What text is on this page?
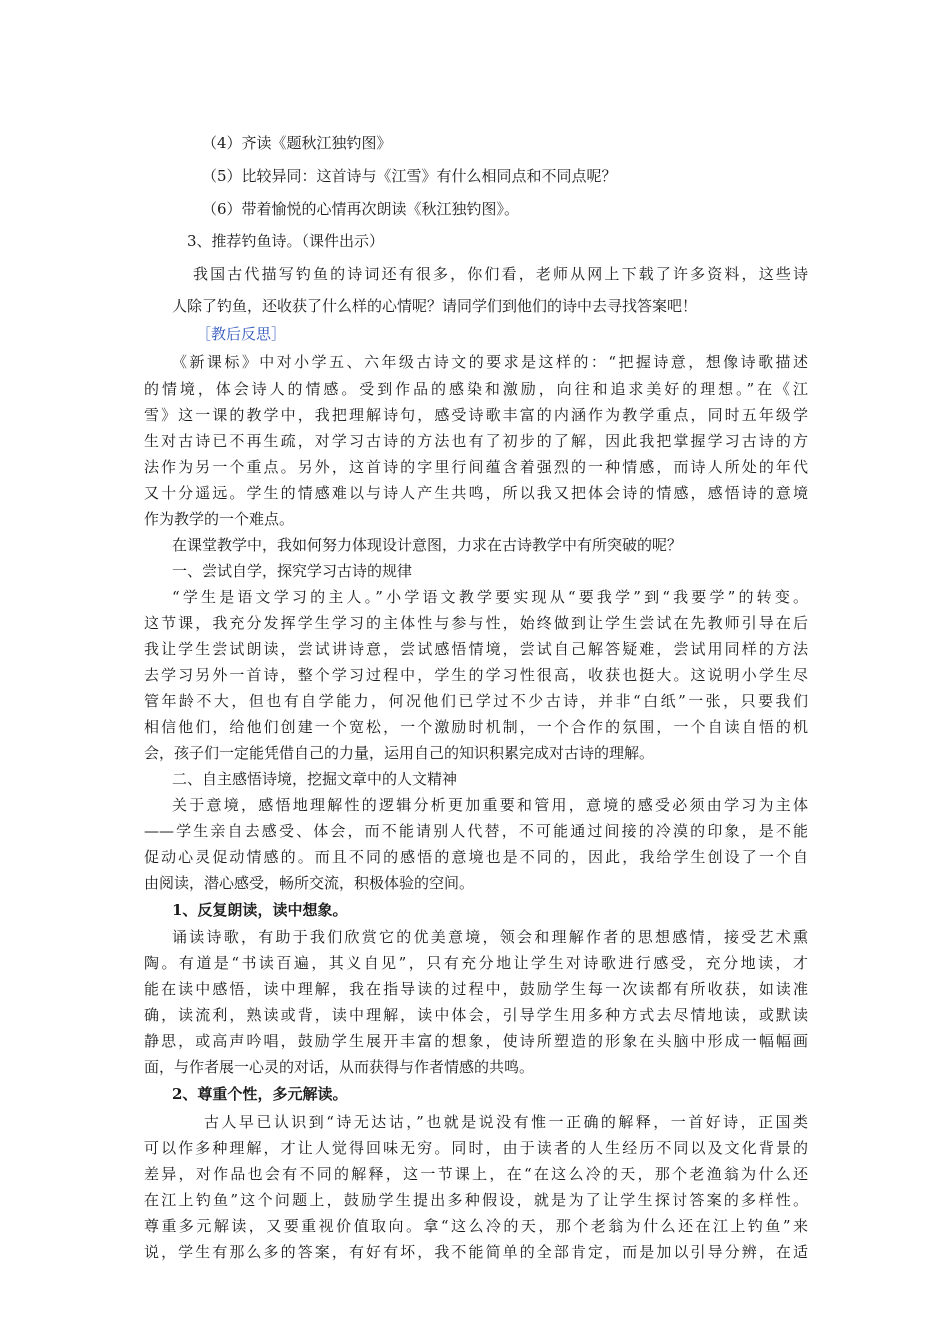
（4）齐读《题秋江独钓图》
（5）比较异同：这首诗与《江雪》有什么相同点和不同点呢？
（6）带着愉悦的心情再次朗读《秋江独钓图》。
3、推荐钓鱼诗。（课件出示）
我国古代描写钓鱼的诗词还有很多，你们看，老师从网上下载了许多资料，这些诗
人除了钓鱼，还收获了什么样的心情呢？请同学们到他们的诗中去寻找答案吧！
［教后反思］
《新课标》中对小学五、六年级古诗文的要求是这样的：“把握诗意，想像诗歌描述
的情境，体会诗人的情感。受到作品的感染和激励，向往和追求美好的理想。”在《江
雪》这一课的教学中，我把理解诗句，感受诗歌丰富的内涵作为教学重点，同时五年级学
生对古诗已不再生疏，对学习古诗的方法也有了初步的了解，因此我把掌握学习古诗的方
法作为另一个重点。另外，这首诗的字里行间蕴含着强烈的一种情感，而诗人所处的年代
又十分遥远。学生的情感难以与诗人产生共鸣，所以我又把体会诗的情感，感悟诗的意境
作为教学的一个难点。
在课堂教学中，我如何努力体现设计意图，力求在古诗教学中有所突破的呢？
一、尝试自学，探究学习古诗的规律
“学生是语文学习的主人。”小学语文教学要实现从“要我学”到“我要学”的转变。
这节课，我充分发挥学生学习的主体性与参与性，始终做到让学生尝试在先教师引导在后
我让学生尝试朗读，尝试讲诗意，尝试感悟情境，尝试自己解答疑难，尝试用同样的方法
去学习另外一首诗，整个学习过程中，学生的学习性很高，收获也挺大。这说明小学生尽
管年龄不大，但也有自学能力，何况他们已学过不少古诗，并非“白纸”一张，只要我们
相信他们，给他们创建一个宽松，一个激励时机制，一个合作的氛围，一个自读自悟的机
会，孩子们一定能凭借自己的力量，运用自己的知识积累完成对古诗的理解。
二、自主感悟诗境，挖掘文章中的人文精神
关于意境，感悟地理解性的逻辑分析更加重要和管用，意境的感受必须由学习为主体
——学生亲自去感受、体会，而不能请别人代替，不可能通过间接的冷漠的印象，是不能
促动心灵促动情感的。而且不同的感悟的意境也是不同的，因此，我给学生创设了一个自
由阅读，潜心感受，畅所交流，积极体验的空间。
1、反复朗读，读中想象。
诵读诗歌，有助于我们欣赏它的优美意境，领会和理解作者的思想感情，接受艺术熏
陶。有道是“书读百遍，其义自见”，只有充分地让学生对诗歌进行感受，充分地读，才
能在读中感悟，读中理解，我在指导读的过程中，鼓励学生每一次读都有所收获，如读准
确，读流利，熟读或背，读中理解，读中体会，引导学生用多种方式去尽情地读，或默读
静思，或高声吟唱，鼓励学生展开丰富的想象，使诗所塑造的形象在头脑中形成一幅幅画
面，与作者展一心灵的对话，从而获得与作者情感的共鸣。
2、尊重个性，多元解读。
古人早已认识到“诗无达诂，”也就是说没有惟一正确的解释，一首好诗，正国类
可以作多种理解，才让人觉得回味无穷。同时，由于读者的人生经历不同以及文化背景的
差异，对作品也会有不同的解释，这一节课上，在“在这么冷的天，那个老渔翁为什么还
在江上钓鱼”这个问题上，鼓励学生提出多种假设，就是为了让学生探讨答案的多样性。
尊重多元解读，又要重视价值取向。拿“这么冷的天，那个老翁为什么还在江上钓鱼”来
说，学生有那么多的答案，有好有坏，我不能简单的全部肯定，而是加以引导分辨，在适
